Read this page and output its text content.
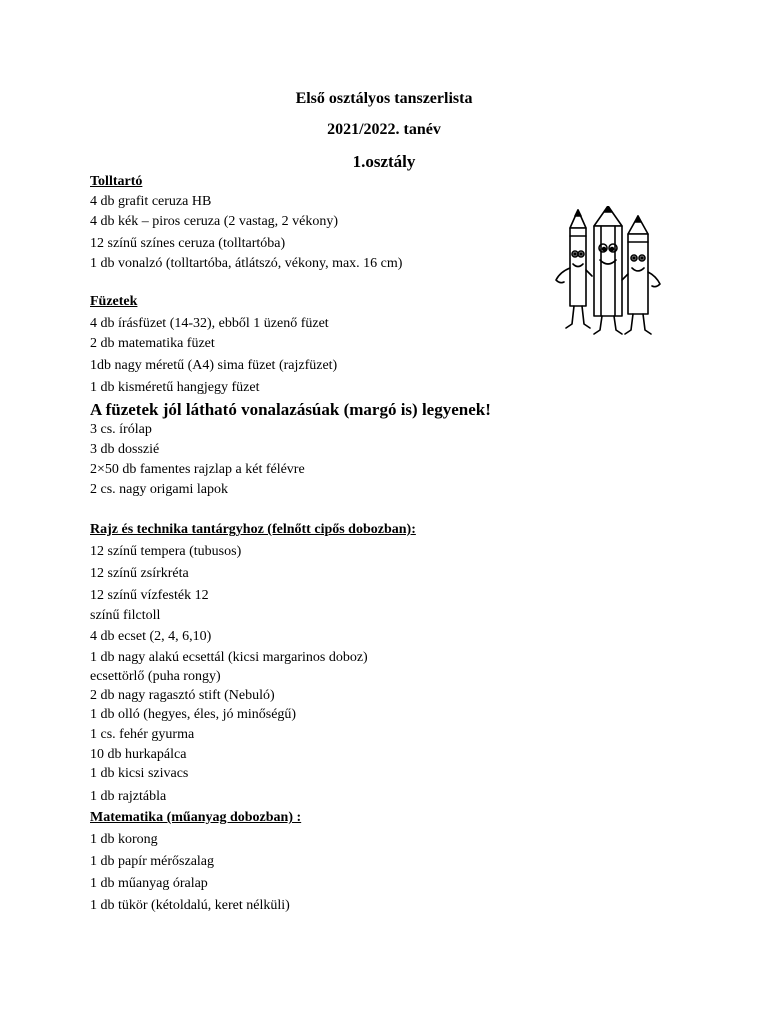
Első osztályos tanszerlista
2021/2022. tanév
1.osztály
Tolltartó
4 db grafit ceruza HB
4 db kék – piros ceruza (2 vastag, 2 vékony)
12 színű színes ceruza (tolltartóba)
1 db vonalzó (tolltartóba, átlátszó, vékony, max. 16 cm)
Füzetek
4 db írásfüzet (14-32), ebből 1 üzenő füzet
2 db matematika füzet
1db nagy méretű (A4) sima füzet (rajzfüzet)
1 db kisméretű hangjegy füzet
A füzetek jól látható vonalazásúak (margó is) legyenek!
3 cs. írólap
3 db dosszié
2×50 db famentes rajzlap a két félévre
2 cs. nagy origami lapok
Rajz és technika tantárgyhoz (felnőtt cipős dobozban):
12 színű tempera (tubusos)
12 színű zsírkréta
12 színű vízfesték 12
színű filctoll
4 db ecset (2, 4, 6,10)
1 db nagy alakú ecsettál (kicsi margarinos doboz)
ecsettörlő (puha rongy)
2 db nagy ragasztó stift (Nebuló)
1 db olló (hegyes, éles, jó minőségű)
1 cs. fehér gyurma
10 db hurkapálca
1 db kicsi szivacs
1 db rajztábla
Matematika (műanyag dobozban) :
1 db korong
1 db papír mérőszalag
1 db műanyag óralap
1 db tükör (kétoldalú, keret nélküli)
